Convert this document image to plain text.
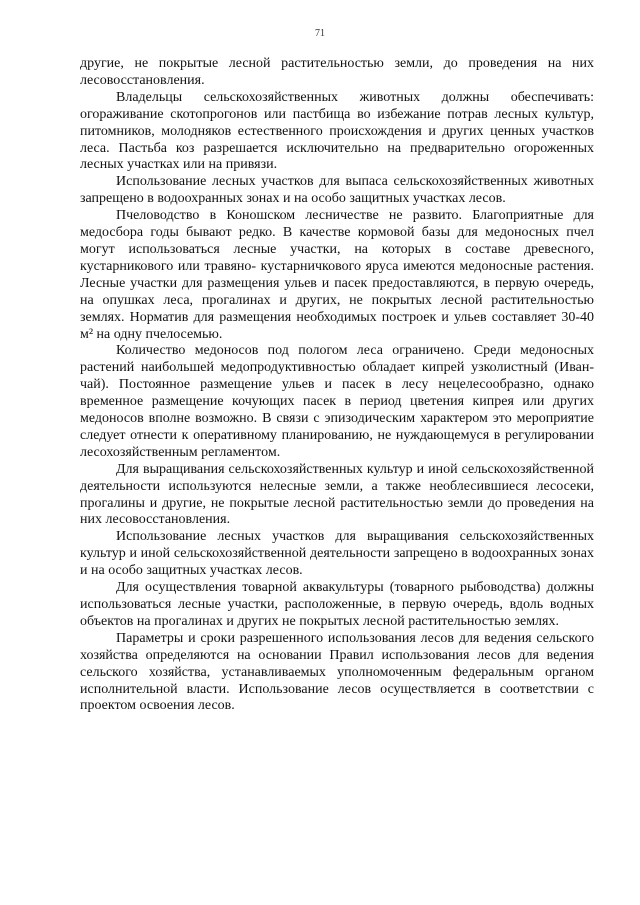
71

другие, не покрытые лесной растительностью земли, до проведения на них лесовосстановления.

Владельцы сельскохозяйственных животных должны обеспечивать: огораживание скотопрогонов или пастбища во избежание потрав лесных культур, питомников, молодняков естественного происхождения и других ценных участков леса. Пастьба коз разрешается исключительно на предварительно огороженных лесных участках или на привязи.

Использование лесных участков для выпаса сельскохозяйственных животных запрещено в водоохранных зонах и на особо защитных участках лесов.

Пчеловодство в Коношском лесничестве не развито. Благоприятные для медосбора годы бывают редко. В качестве кормовой базы для медоносных пчел могут использоваться лесные участки, на которых в составе древесного, кустарникового или травяно- кустарничкового яруса имеются медоносные растения. Лесные участки для размещения ульев и пасек предоставляются, в первую очередь, на опушках леса, прогалинах и других, не покрытых лесной растительностью землях. Норматив для размещения необходимых построек и ульев составляет 30-40 м² на одну пчелосемью.

Количество медоносов под пологом леса ограничено. Среди медоносных растений наибольшей медопродуктивностью обладает кипрей узколистный (Иван-чай). Постоянное размещение ульев и пасек в лесу нецелесообразно, однако временное размещение кочующих пасек в период цветения кипрея или других медоносов вполне возможно. В связи с эпизодическим характером это мероприятие следует отнести к оперативному планированию, не нуждающемуся в регулировании лесохозяйственным регламентом.

Для выращивания сельскохозяйственных культур и иной сельскохозяйственной деятельности используются нелесные земли, а также необлесившиеся лесосеки, прогалины и другие, не покрытые лесной растительностью земли до проведения на них лесовосстановления.

Использование лесных участков для выращивания сельскохозяйственных культур и иной сельскохозяйственной деятельности запрещено в водоохранных зонах и на особо защитных участках лесов.

Для осуществления товарной аквакультуры (товарного рыбоводства) должны использоваться лесные участки, расположенные, в первую очередь, вдоль водных объектов на прогалинах и других не покрытых лесной растительностью землях.

Параметры и сроки разрешенного использования лесов для ведения сельского хозяйства определяются на основании Правил использования лесов для ведения сельского хозяйства, устанавливаемых уполномоченным федеральным органом исполнительной власти. Использование лесов осуществляется в соответствии с проектом освоения лесов.
